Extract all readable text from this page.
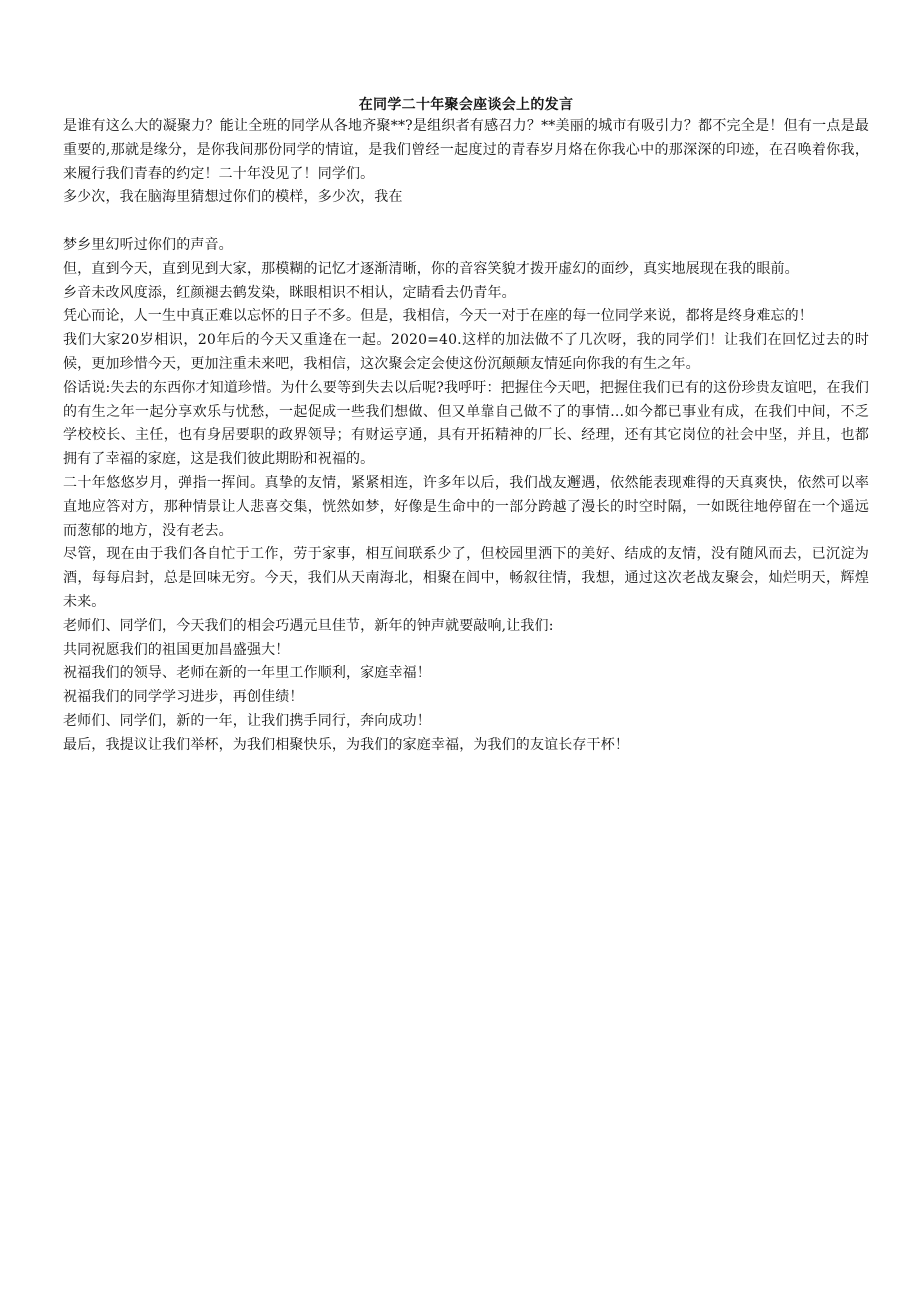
在同学二十年聚会座谈会上的发言

是谁有这么大的凝聚力？能让全班的同学从各地齐聚**?是组织者有感召力？**美丽的城市有吸引力？都不完全是！但有一点是最重要的,那就是缘分，是你我间那份同学的情谊，是我们曾经一起度过的青春岁月烙在你我心中的那深深的印迹，在召唤着你我，来履行我们青春的约定！二十年没见了！同学们。

多少次，我在脑海里猜想过你们的模样，多少次，我在

梦乡里幻听过你们的声音。

但，直到今天，直到见到大家，那模糊的记忆才逐渐清晰，你的音容笑貌才拨开虚幻的面纱，真实地展现在我的眼前。

乡音未改风度添，红颜褪去鹤发染，眯眼相识不相认，定睛看去仍青年。

凭心而论，人一生中真正难以忘怀的日子不多。但是，我相信，今天一对于在座的每一位同学来说，都将是终身难忘的！

我们大家20岁相识，20年后的今天又重逢在一起。2020=40.这样的加法做不了几次呀，我的同学们！让我们在回忆过去的时候，更加珍惜今天，更加注重未来吧，我相信，这次聚会定会使这份沉颠颠友情延向你我的有生之年。

俗话说:失去的东西你才知道珍惜。为什么要等到失去以后呢?我呼吁：把握住今天吧，把握住我们已有的这份珍贵友谊吧，在我们的有生之年一起分享欢乐与忧愁，一起促成一些我们想做、但又单靠自己做不了的事情…如今都已事业有成，在我们中间，不乏学校校长、主任，也有身居要职的政界领导；有财运亨通，具有开拓精神的厂长、经理，还有其它岗位的社会中坚，并且，也都拥有了幸福的家庭，这是我们彼此期盼和祝福的。

二十年悠悠岁月，弹指一挥间。真挚的友情，紧紧相连，许多年以后，我们战友邂遇，依然能表现难得的天真爽快，依然可以率直地应答对方，那种情景让人悲喜交集，恍然如梦，好像是生命中的一部分跨越了漫长的时空时隔，一如既往地停留在一个遥远而葱郁的地方，没有老去。

尽管，现在由于我们各自忙于工作，劳于家事，相互间联系少了，但校园里洒下的美好、结成的友情，没有随风而去，已沉淀为酒，每每启封，总是回味无穷。今天，我们从天南海北，相聚在闾中，畅叙往情，我想，通过这次老战友聚会，灿烂明天，辉煌未来。

老师们、同学们，今天我们的相会巧遇元旦佳节，新年的钟声就要敲响,让我们:

共同祝愿我们的祖国更加昌盛强大！

祝福我们的领导、老师在新的一年里工作顺利，家庭幸福！

祝福我们的同学学习进步，再创佳绩！

老师们、同学们，新的一年，让我们携手同行，奔向成功！

最后，我提议让我们举杯，为我们相聚快乐，为我们的家庭幸福，为我们的友谊长存干杯！
